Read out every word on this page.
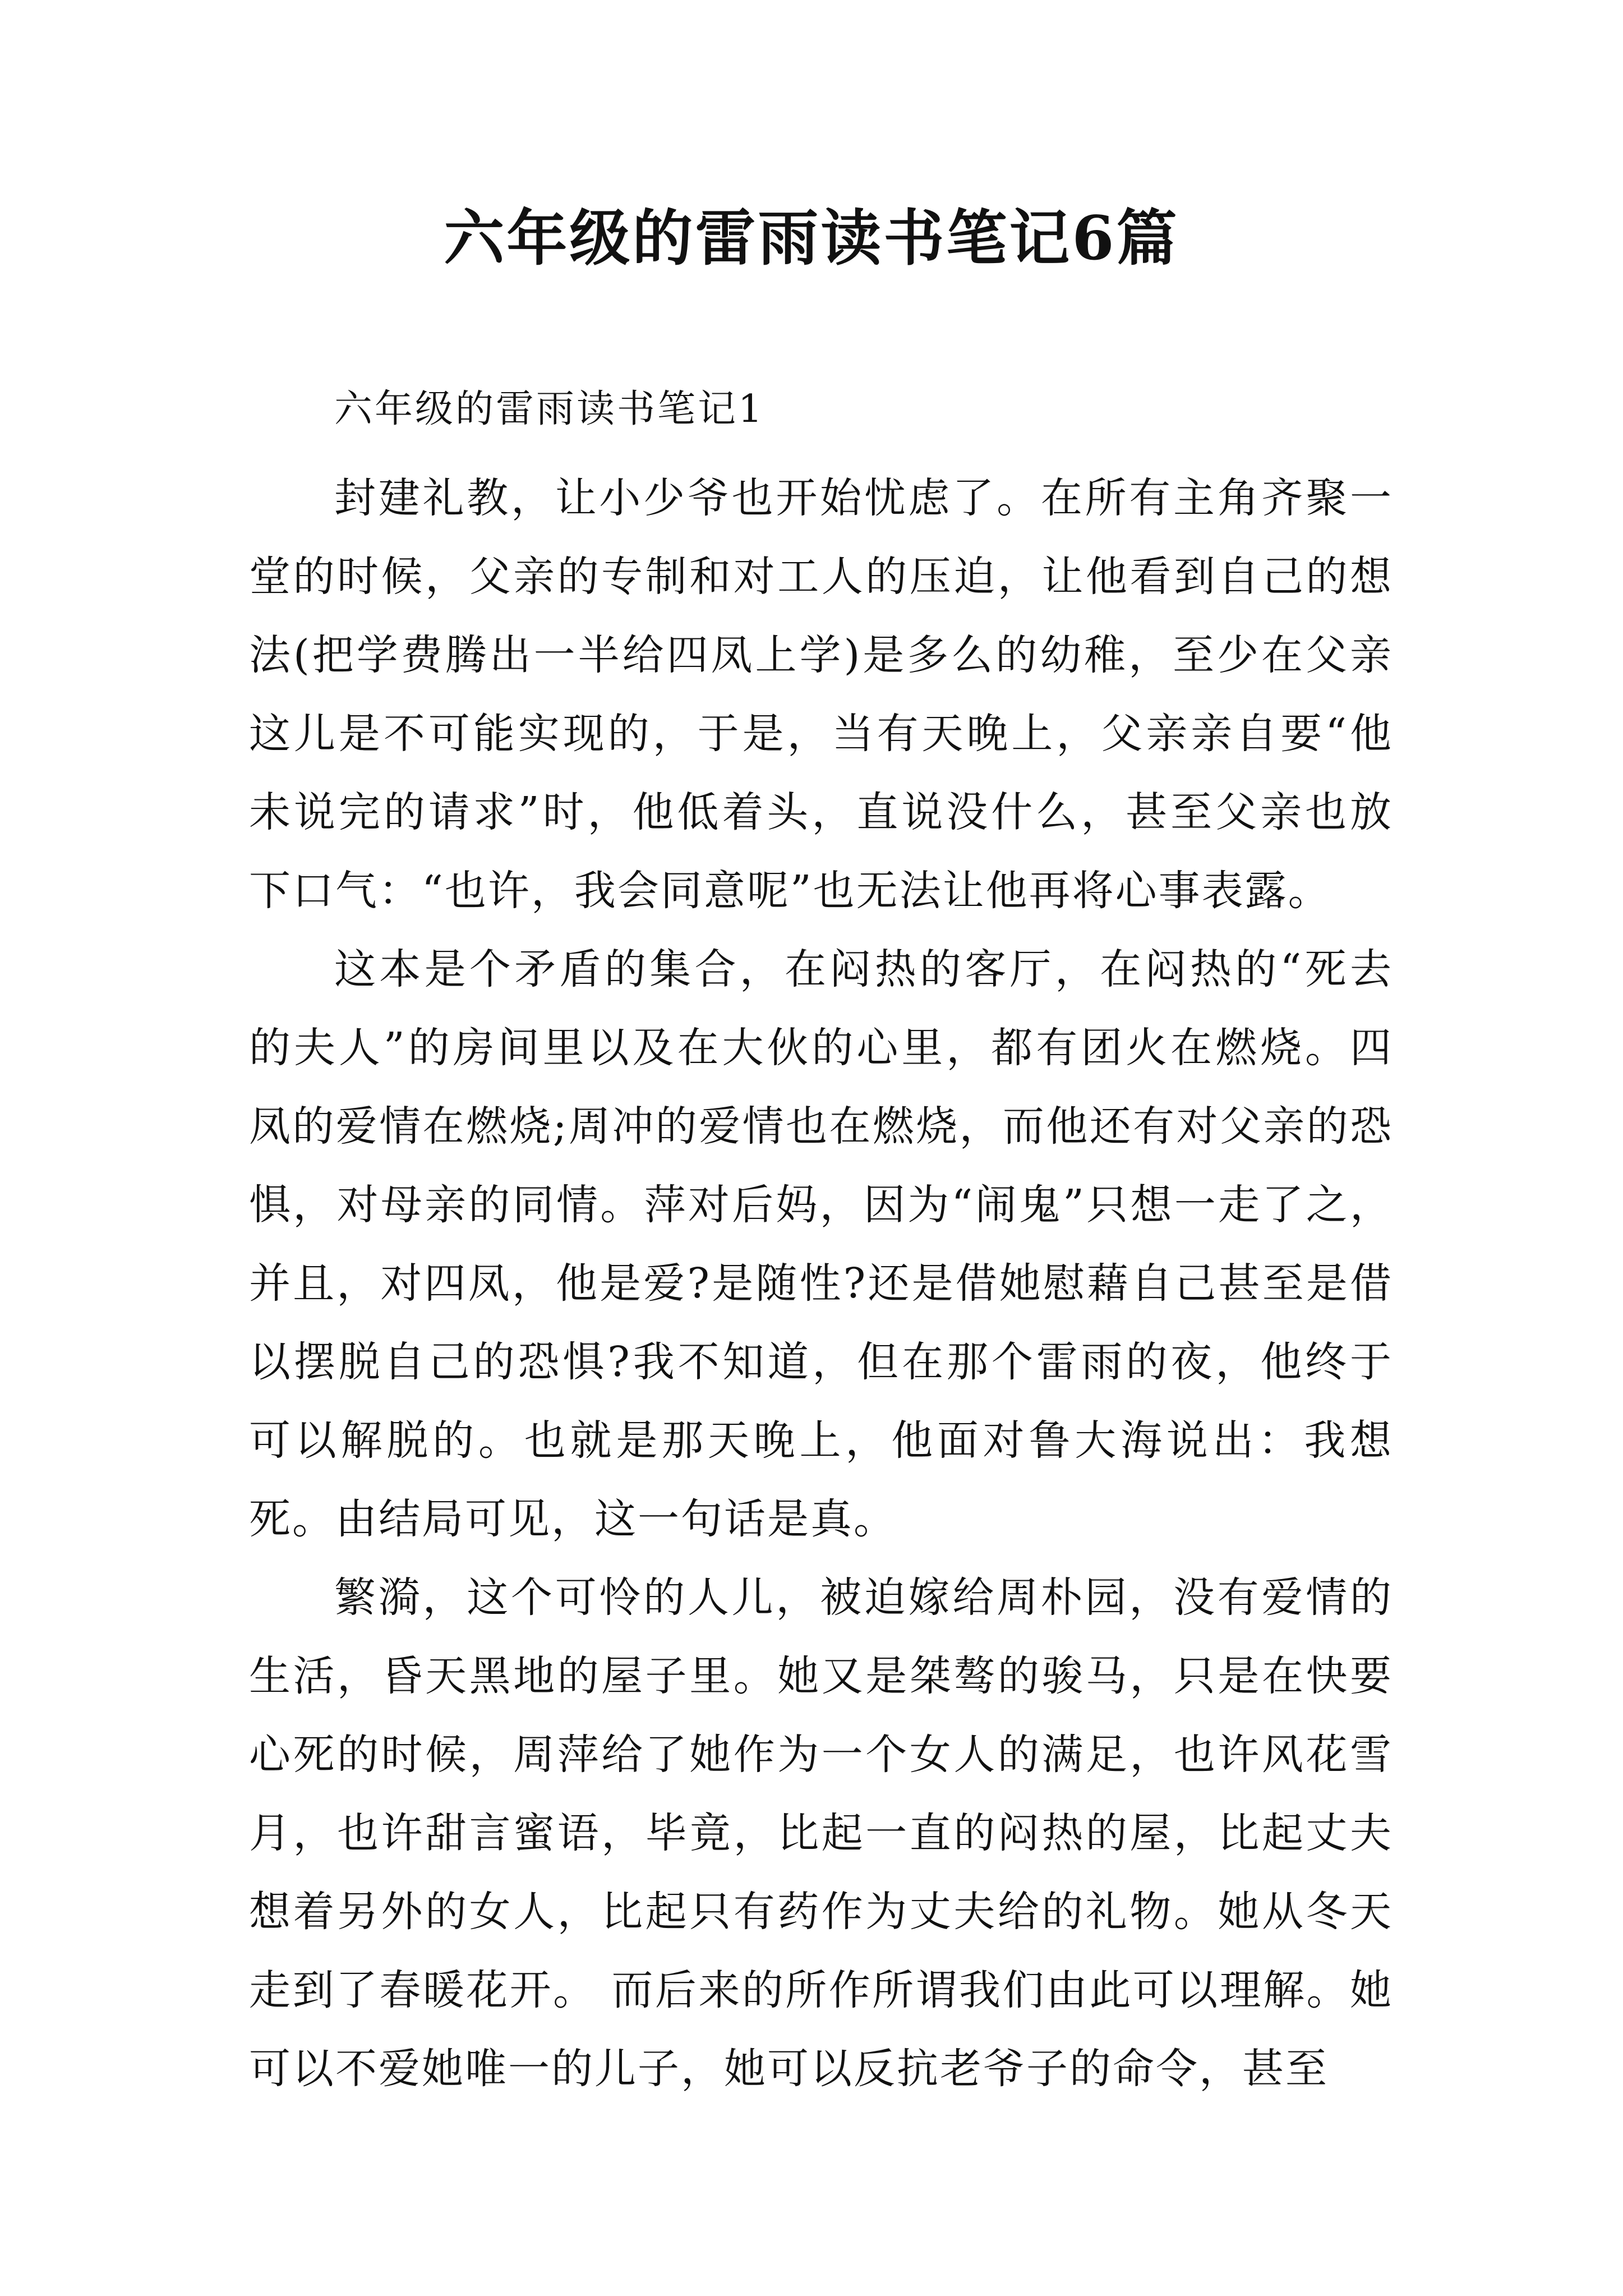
六年级的雷雨读书笔记6篇
六年级的雷雨读书笔记1

封建礼教，让小少爷也开始忧虑了。在所有主角齐聚一堂的时候，父亲的专制和对工人的压迫，让他看到自己的想法(把学费腾出一半给四凤上学)是多么的幼稚，至少在父亲这儿是不可能实现的，于是，当有天晚上，父亲亲自要“他未说完的请求”时，他低着头，直说没什么，甚至父亲也放下口气：“也许，我会同意呢”也无法让他再将心事表露。

这本是个矛盾的集合，在闷热的客厅，在闷热的“死去的夫人”的房间里以及在大伙的心里，都有团火在燃烧。四凤的爱情在燃烧;周冲的爱情也在燃烧，而他还有对父亲的恐惧，对母亲的同情。萍对后妈，因为“闹鬼”只想一走了之，并且，对四凤，他是爱?是随性?还是借她慰藉自己甚至是借以摆脱自己的恐惧?我不知道，但在那个雷雨的夜，他终于可以解脱的。也就是那天晚上，他面对鲁大海说出：我想死。由结局可见，这一句话是真。

繁漪，这个可怜的人儿，被迫嫁给周朴园，没有爱情的生活，昏天黑地的屋子里。她又是桀骜的骏马，只是在快要心死的时候，周萍给了她作为一个女人的满足，也许风花雪月，也许甜言蜜语，毕竟，比起一直的闷热的屋，比起丈夫想着另外的女人，比起只有药作为丈夫给的礼物。她从冬天走到了春暖花开。 而后来的所作所谓我们由此可以理解。她可以不爱她唯一的儿子，她可以反抗老爷子的命令，甚至
